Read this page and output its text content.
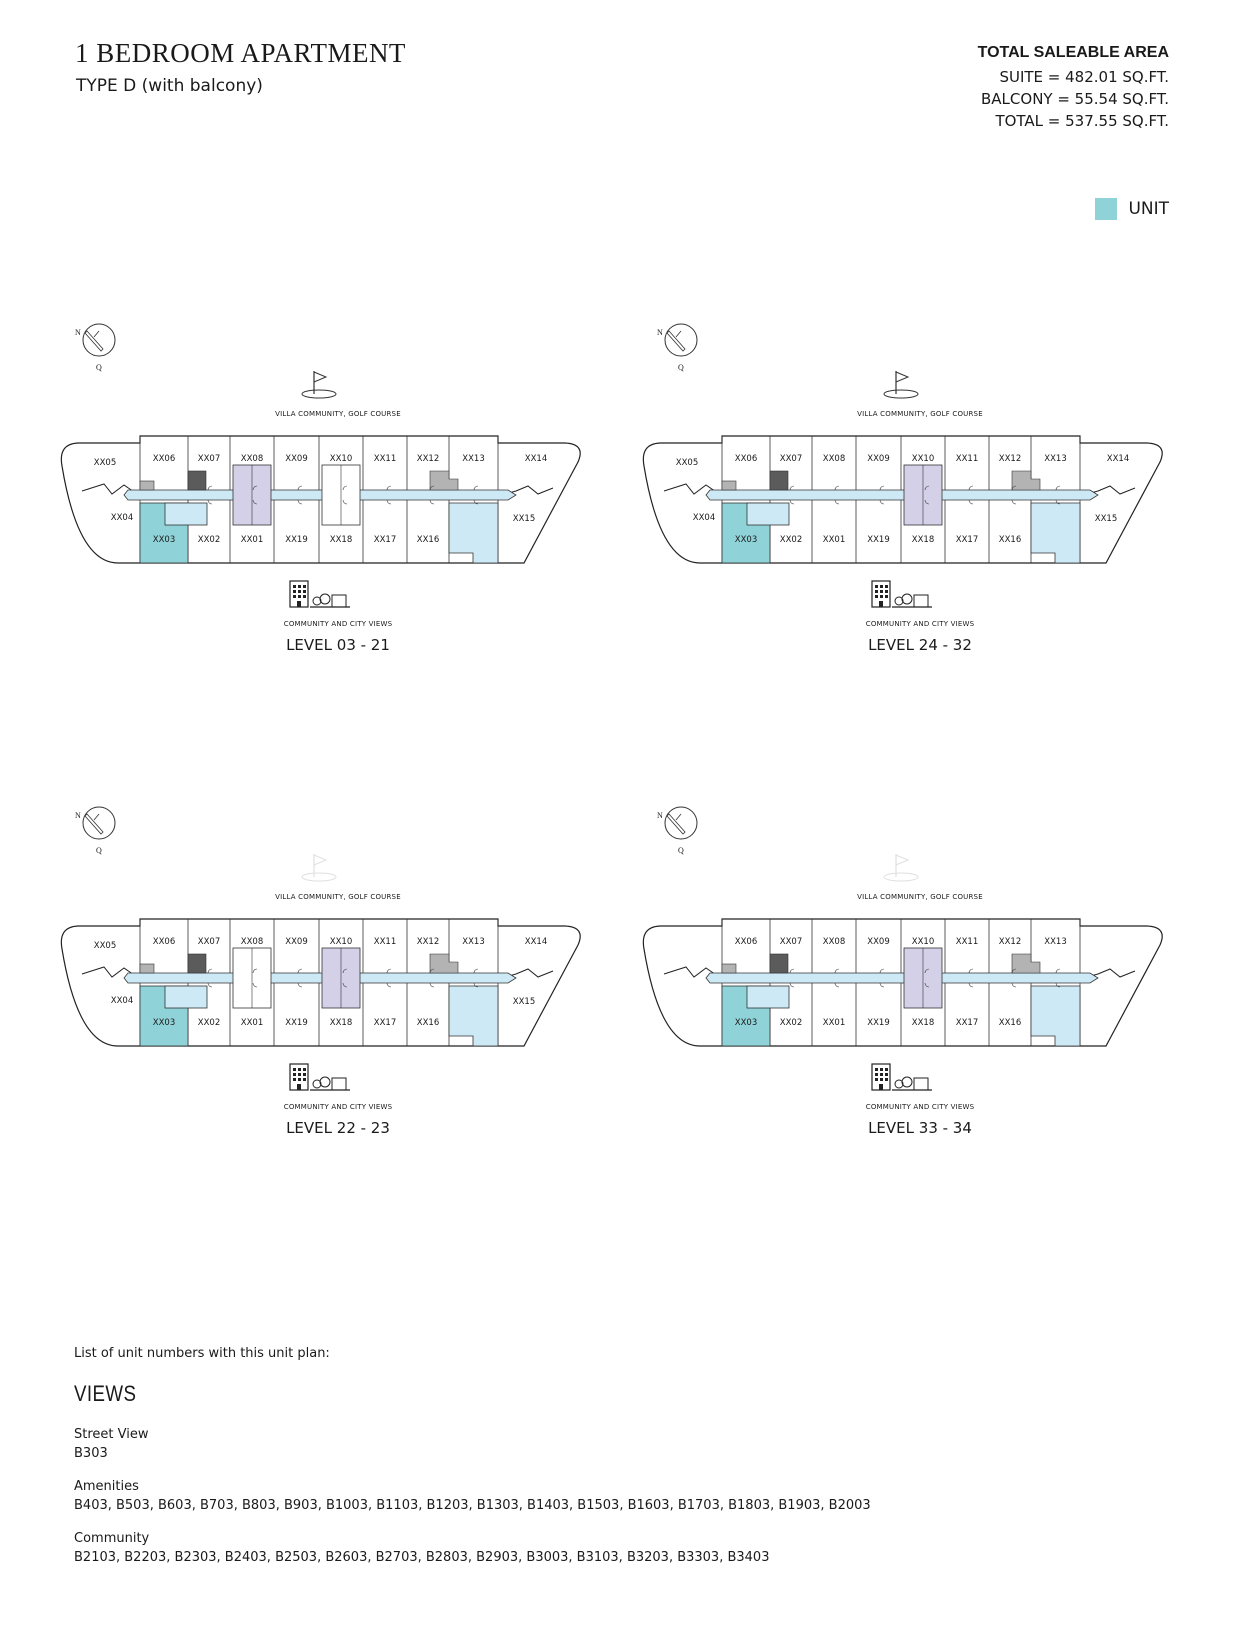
1 BEDROOM APARTMENT
TYPE D (with balcony)
TOTAL SALEABLE AREA
SUITE = 482.01 SQ.FT.
BALCONY = 55.54 SQ.FT.
TOTAL = 537.55 SQ.FT.
UNIT
N
Q
VILLA COMMUNITY, GOLF COURSE
COMMUNITY AND CITY VIEWS
LEVEL 03 - 21
XX06	XX07 XX08	XX09	XX10	XX11 XX12	XX13
XX03	XX02 XX01	XX19	XX18	XX17 XX16
XX05
XX04
XX14
XX15
N
Q
VILLA COMMUNITY, GOLF COURSE
COMMUNITY AND CITY VIEWS
LEVEL 24 - 32
XX06	XX07 XX08	XX09	XX10	XX11 XX12	XX13
XX03	XX02 XX01	XX19	XX18	XX17 XX16
XX05
XX04
XX14
XX15
N
Q
VILLA COMMUNITY, GOLF COURSE
COMMUNITY AND CITY VIEWS
LEVEL 22 - 23
XX06	XX07 XX08	XX09	XX10	XX11 XX12	XX13
XX03	XX02 XX01	XX19	XX18	XX17 XX16
XX05
XX04
XX14
XX15
N
Q
VILLA COMMUNITY, GOLF COURSE
COMMUNITY AND CITY VIEWS
LEVEL 33 - 34
XX06	XX07 XX08	XX09	XX10	XX11 XX12	XX13
XX03	XX02 XX01	XX19	XX18	XX17 XX16
List of unit numbers with this unit plan:
VIEWS
Street View
B303
Amenities
B403, B503, B603, B703, B803, B903, B1003, B1103, B1203, B1303, B1403, B1503, B1603, B1703, B1803, B1903, B2003
Community
B2103, B2203, B2303, B2403, B2503, B2603, B2703, B2803, B2903, B3003, B3103, B3203, B3303, B3403
